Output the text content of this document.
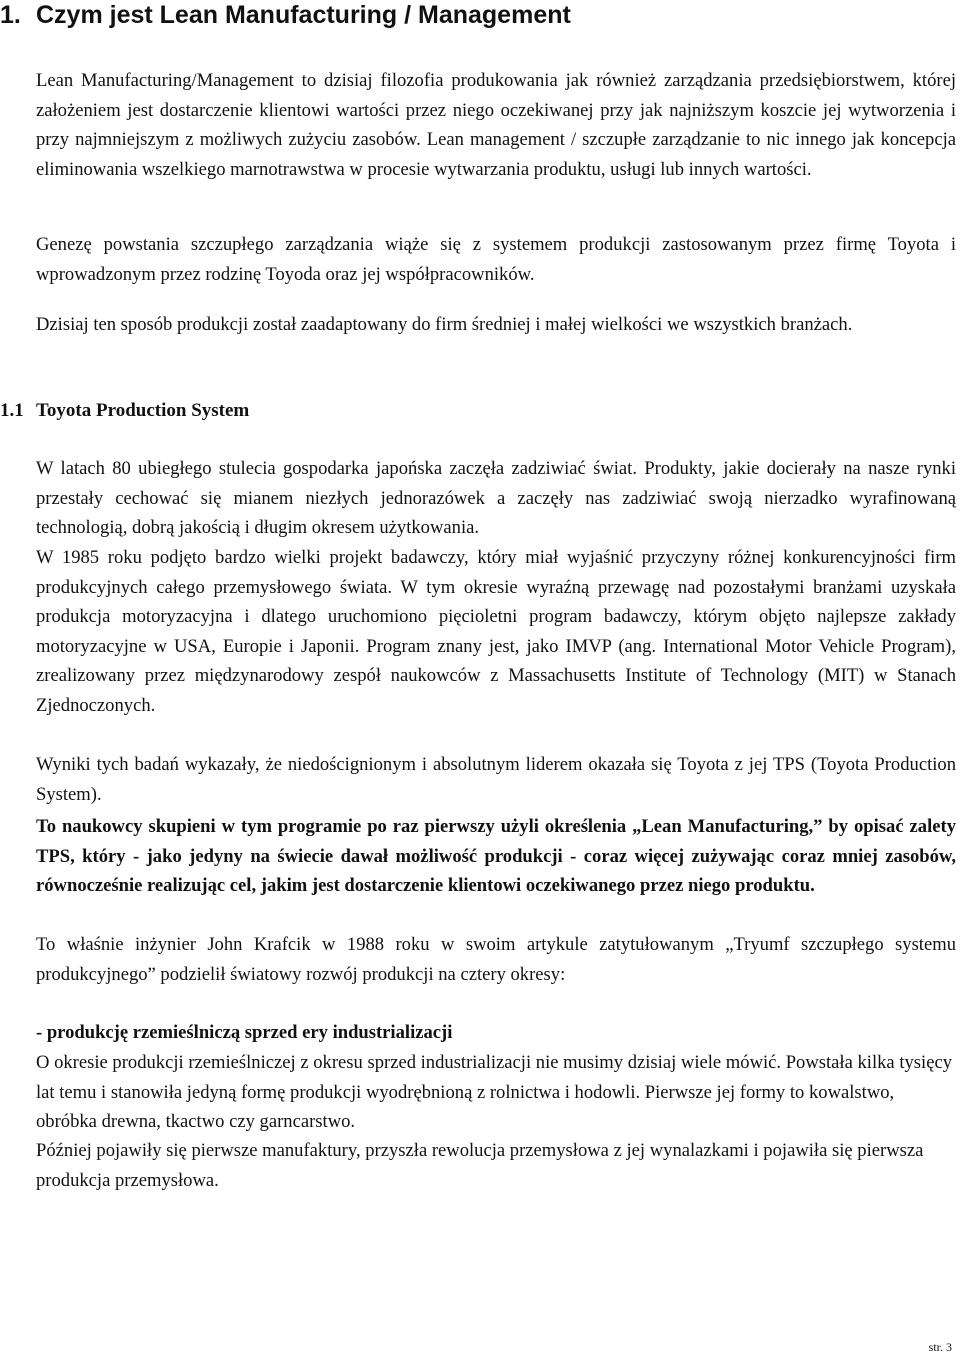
1. Czym jest Lean Manufacturing / Management

Lean Manufacturing/Management to dzisiaj filozofia produkowania jak również zarządzania przedsiębiorstwem, której założeniem jest dostarczenie klientowi wartości przez niego oczekiwanej przy jak najniższym koszcie jej wytworzenia i przy najmniejszym z możliwych zużyciu zasobów. Lean management / szczupłe zarządzanie to nic innego jak koncepcja eliminowania wszelkiego marnotrawstwa w procesie wytwarzania produktu, usługi lub innych wartości.

Genezę powstania szczupłego zarządzania wiąże się z systemem produkcji zastosowanym przez firmę Toyota i wprowadzonym przez rodzinę Toyoda oraz jej współpracowników.

Dzisiaj ten sposób produkcji został zaadaptowany do firm średniej i małej wielkości we wszystkich branżach.

1.1 Toyota Production System

W latach 80 ubiegłego stulecia gospodarka japońska zaczęła zadziwiać świat. Produkty, jakie docierały na nasze rynki przestały cechować się mianem niezłych jednorazówek a zaczęły nas zadziwiać swoją nierzadko wyrafinowaną technologią, dobrą jakością i długim okresem użytkowania.

W 1985 roku podjęto bardzo wielki projekt badawczy, który miał wyjaśnić przyczyny różnej konkurencyjności firm produkcyjnych całego przemysłowego świata. W tym okresie wyraźną przewagę nad pozostałymi branżami uzyskała produkcja motoryzacyjna i dlatego uruchomiono pięcioletni program badawczy, którym objęto najlepsze zakłady motoryzacyjne w USA, Europie i Japonii. Program znany jest, jako IMVP (ang. International Motor Vehicle Program), zrealizowany przez międzynarodowy zespół naukowców z Massachusetts Institute of Technology (MIT) w Stanach Zjednoczonych.

Wyniki tych badań wykazały, że niedoścignionym i absolutnym liderem okazała się Toyota z jej TPS (Toyota Production System).

To naukowcy skupieni w tym programie po raz pierwszy użyli określenia „Lean Manufacturing,” by opisać zalety TPS, który - jako jedyny na świecie dawał możliwość produkcji - coraz więcej zużywając coraz mniej zasobów, równocześnie realizując cel, jakim jest dostarczenie klientowi oczekiwanego przez niego produktu.

To właśnie inżynier John Krafcik w 1988 roku w swoim artykule zatytułowanym „Tryumf szczupłego systemu produkcyjnego” podzielił światowy rozwój produkcji na cztery okresy:

- produkcję rzemieślniczą sprzed ery industrializacji

O okresie produkcji rzemieślniczej z okresu sprzed industrializacji nie musimy dzisiaj wiele mówić. Powstała kilka tysięcy lat temu i stanowiła jedyną formę produkcji wyodrębnioną z rolnictwa i hodowli. Pierwsze jej formy to kowalstwo, obróbka drewna, tkactwo czy garncarstwo.

Później pojawiły się pierwsze manufaktury, przyszła rewolucja przemysłowa z jej wynalazkami i pojawiła się pierwsza produkcja przemysłowa.

str. 3
